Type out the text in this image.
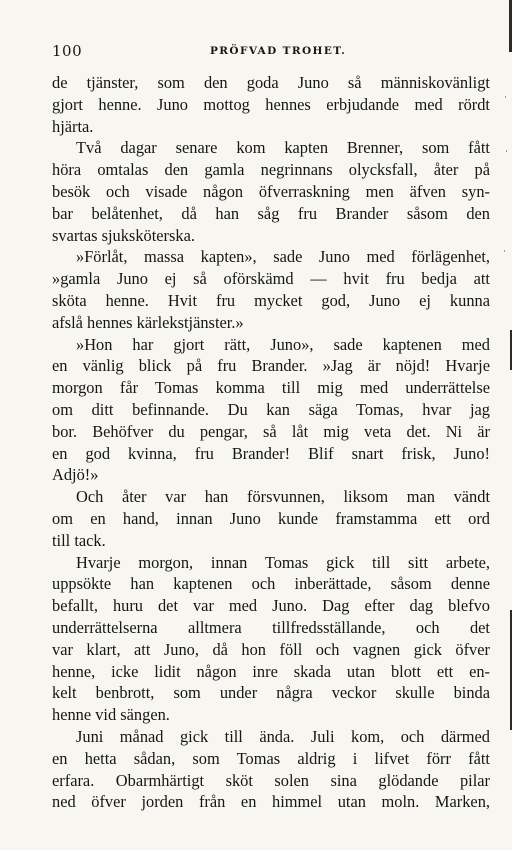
100	PRÖFVAD TROHET.
de tjänster, som den goda Juno så människovänligt
gjort henne. Juno mottog hennes erbjudande med rördt
hjärta.
Två dagar senare kom kapten Brenner, som fått
höra omtalas den gamla negrinnans olycksfall, åter på
besök och visade någon öfverraskning men äfven syn-
bar belåtenhet, då han såg fru Brander såsom den
svartas sjuksköterska.
»Förlåt, massa kapten», sade Juno med förlägenhet,
»gamla Juno ej så oförskämd — hvit fru bedja att
sköta henne. Hvit fru mycket god, Juno ej kunna
afslå hennes kärlekstjänster.»
»Hon har gjort rätt, Juno», sade kaptenen med
en vänlig blick på fru Brander. »Jag är nöjd! Hvarje
morgon får Tomas komma till mig med underrättelse
om ditt befinnande. Du kan säga Tomas, hvar jag
bor. Behöfver du pengar, så låt mig veta det. Ni är
en god kvinna, fru Brander! Blif snart frisk, Juno!
Adjö!»
Och åter var han försvunnen, liksom man vändt
om en hand, innan Juno kunde framstamma ett ord
till tack.
Hvarje morgon, innan Tomas gick till sitt arbete,
uppsökte han kaptenen och inberättade, såsom denne
befallt, huru det var med Juno. Dag efter dag blefvo
underrättelserna alltmera tillfredsställande, och det
var klart, att Juno, då hon föll och vagnen gick öfver
henne, icke lidit någon inre skada utan blott ett en-
kelt benbrott, som under några veckor skulle binda
henne vid sängen.
Juni månad gick till ända. Juli kom, och därmed
en hetta sådan, som Tomas aldrig i lifvet förr fått
erfara. Obarmhärtigt sköt solen sina glödande pilar
ned öfver jorden från en himmel utan moln. Marken,
